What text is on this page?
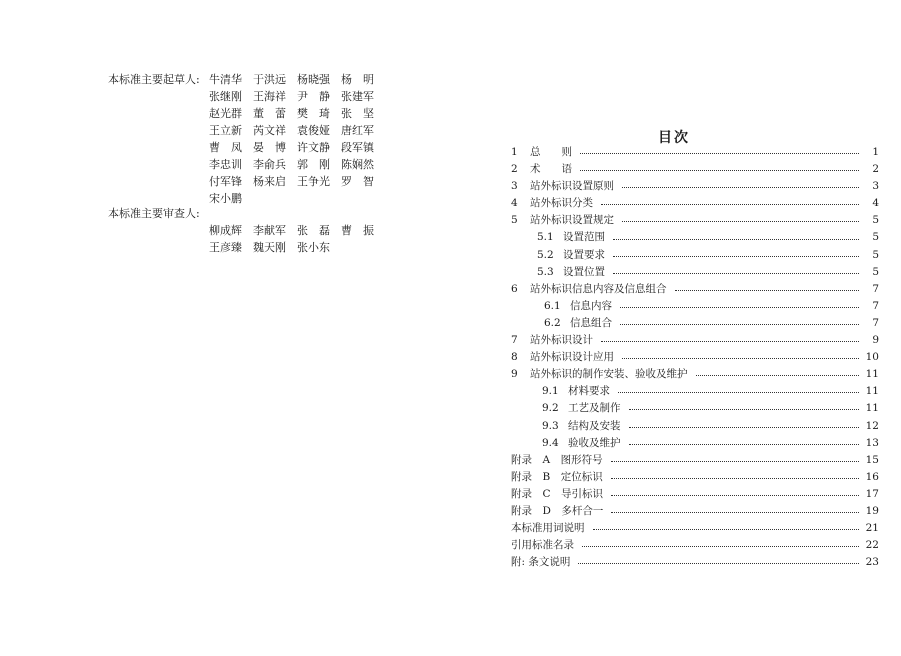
本标准主要起草人: 牛清华	于洪远	杨晓强	杨　明
张继刚	王海祥	尹　静	张建军
赵光群	董　蕾	樊　琦	张　坚
王立新	芮文祥	袁俊娅	唐红军
曹　凤	晏　博	许文静	段军镇
李忠训	李俞兵	郭　刚	陈娴然
付军锋	杨来启	王争光	罗　智
宋小鹏
本标准主要审查人:
柳成辉	李献军	张　磊	曹　振
王彦臻	魏天刚	张小东
目次
1	总　　则	1
2	术　　语	2
3	站外标识设置原则	3
4	站外标识分类	4
5	站外标识设置规定	5
5.1 设置范围	5
5.2 设置要求	5
5.3 设置位置	5
6	站外标识信息内容及信息组合	7
6.1 信息内容	7
6.2 信息组合	7
7	站外标识设计	9
8	站外标识设计应用	10
9	站外标识的制作安装、验收及维护	11
9.1 材料要求	11
9.2 工艺及制作	11
9.3 结构及安装	12
9.4 验收及维护	13
附录　A　图形符号	15
附录　B　定位标识	16
附录　C　导引标识	17
附录　D　多杆合一	19
本标准用词说明	21
引用标准名录	22
附: 条文说明	23
